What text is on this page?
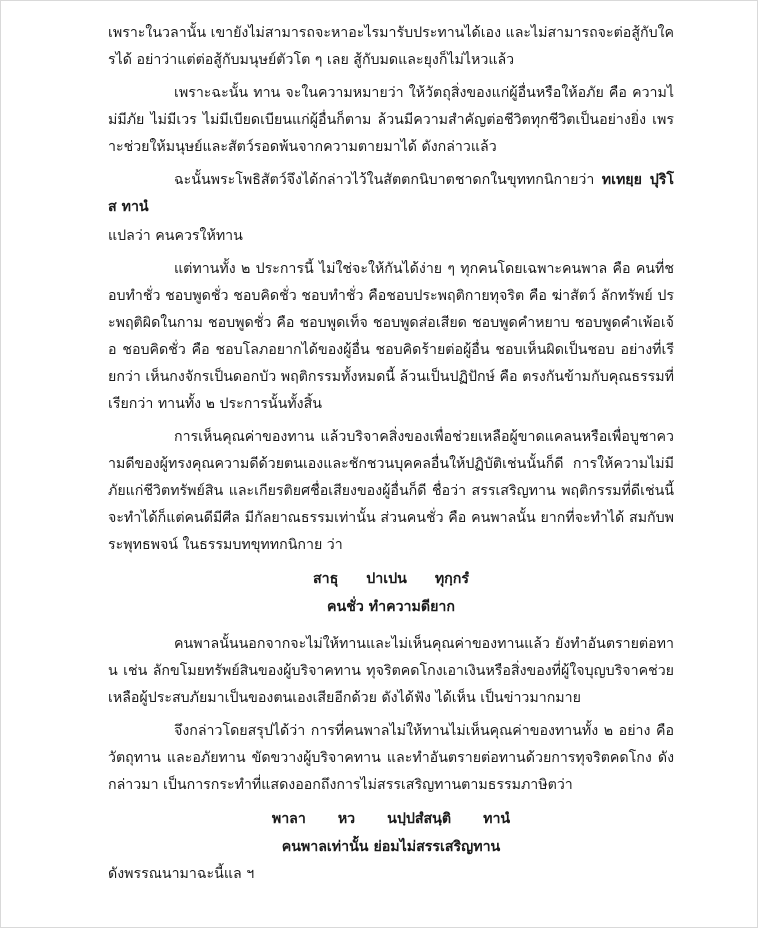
เพราะในวลานั้น เขายังไม่สามารถจะหาอะไรมารับประทานได้เอง และไม่สามารถจะต่อสู้กับใครได้ อย่าว่าแต่ต่อสู้กับมนุษย์ตัวโต ๆ เลย สู้กับมดและยุงก็ไม่ไหวแล้ว

เพราะฉะนั้น ทาน จะในความหมายว่า ให้วัตถุสิ่งของแก่ผู้อื่นหรือให้อภัย คือ ความไม่มีภัย ไม่มีเวร ไม่มีเบียดเบียนแก่ผู้อื่นก็ตาม ล้วนมีความสำคัญต่อชีวิตทุกชีวิตเป็นอย่างยิ่ง เพราะช่วยให้มนุษย์และสัตว์รอดพ้นจากความตายมาได้ ดังกล่าวแล้ว

ฉะนั้นพระโพธิสัตว์จึงได้กล่าวไว้ในสัตตกนิบาตชาดกในขุททกนิกายว่า ทเทยฺย ปุริโส ทานํ

แปลว่า คนควรให้ทาน

แต่ทานทั้ง ๒ ประการนี้ ไม่ใช่จะให้กันได้ง่าย ๆ ทุกคนโดยเฉพาะคนพาล คือ คนที่ชอบทำชั่ว ชอบพูดชั่ว ชอบคิดชั่ว ชอบทำชั่ว คือชอบประพฤติกายทุจริต คือ ฆ่าสัตว์ ลักทรัพย์ ประพฤติผิดในกาม ชอบพูดชั่ว คือ ชอบพูดเท็จ ชอบพูดส่อเสียด ชอบพูดคำหยาบ ชอบพูดคำเพ้อเจ้อ ชอบคิดชั่ว คือ ชอบโลภอยากได้ของผู้อื่น ชอบคิดร้ายต่อผู้อื่น ชอบเห็นผิดเป็นชอบ อย่างที่เรียกว่า เห็นกงจักรเป็นดอกบัว พฤติกรรมทั้งหมดนี้ ล้วนเป็นปฏิปักษ์ คือ ตรงกันข้ามกับคุณธรรมที่เรียกว่า ทานทั้ง ๒ ประการนั้นทั้งสิ้น

การเห็นคุณค่าของทาน แล้วบริจาคสิ่งของเพื่อช่วยเหลือผู้ขาดแคลนหรือเพื่อบูชาความดีของผู้ทรงคุณความดีด้วยตนเองและชักชวนบุคคลอื่นให้ปฏิบัติเช่นนั้นก็ดี การให้ความไม่มีภัยแก่ชีวิตทรัพย์สิน และเกียรติยศชื่อเสียงของผู้อื่นก็ดี ชื่อว่า สรรเสริญทาน พฤติกรรมที่ดีเช่นนี้ จะทำได้ก็แต่คนดีมีศีล มีกัลยาณธรรมเท่านั้น ส่วนคนชั่ว คือ คนพาลนั้น ยากที่จะทำได้ สมกับพระพุทธพจน์ ในธรรมบทขุททกนิกาย ว่า

สาธุ ปาเปน ทุกฺกรํ

คนชั่ว ทำความดียาก

คนพาลนั้นนอกจากจะไม่ให้ทานและไม่เห็นคุณค่าของทานแล้ว ยังทำอันตรายต่อทาน เช่น ลักขโมยทรัพย์สินของผู้บริจาคทาน ทุจริตคดโกงเอาเงินหรือสิ่งของที่ผู้ใจบุญบริจาคช่วยเหลือผู้ประสบภัยมาเป็นของตนเองเสียอีกด้วย ดังได้ฟัง ได้เห็น เป็นข่าวมากมาย

จึงกล่าวโดยสรุปได้ว่า การที่คนพาลไม่ให้ทานไม่เห็นคุณค่าของทานทั้ง ๒ อย่าง คือวัตถุทาน และอภัยทาน ขัดขวางผู้บริจาคทาน และทำอันตรายต่อทานด้วยการทุจริตคดโกง ดังกล่าวมา เป็นการกระทำที่แสดงออกถึงการไม่สรรเสริญทานตามธรรมภาษิตว่า

พาลา หว นปฺปสํสนฺติ ทานํ

คนพาลเท่านั้น ย่อมไม่สรรเสริญทาน

ดังพรรณนามาฉะนี้แล ฯ
